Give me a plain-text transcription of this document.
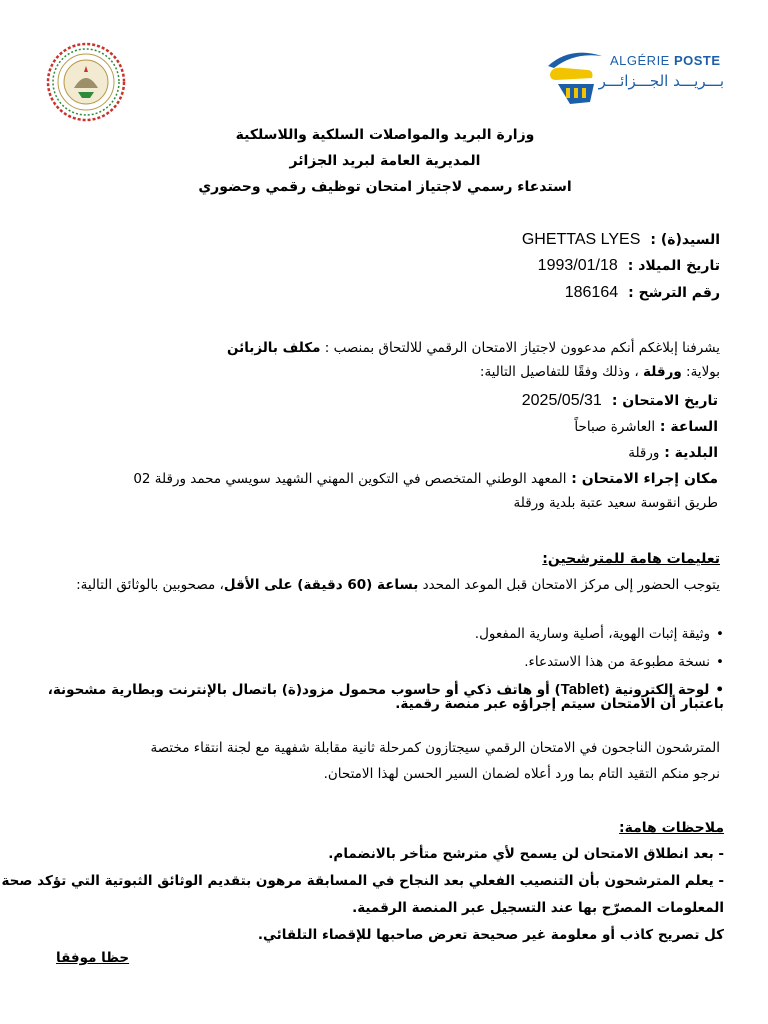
ALGÉRIE POSTE
بـــريـــد الجـــزائـــر
وزارة البريد والمواصلات السلكية واللاسلكية
المديرية العامة لبريد الجزائر
استدعاء رسمي لاجتياز امتحان توظيف رقمي وحضوري
السيد(ة) :GHETTAS LYES
تاريخ الميلاد :1993/01/18
رقم الترشح :186164
يشرفنا إبلاغكم أنكم مدعوون لاجتياز الامتحان الرقمي للالتحاق بمنصب : مكلف بالزبائن
بولاية: ورقلة ، وذلك وفقًا للتفاصيل التالية:
تاريخ الامتحان :2025/05/31
الساعة : العاشرة صباحاً
البلدية : ورقلة
مكان إجراء الامتحان : المعهد الوطني المتخصص في التكوين المهني الشهيد سويسي محمد ورقلة 02
طريق انقوسة سعيد عتبة بلدية ورقلة
تعليمات هامة للمترشحين:
يتوجب الحضور إلى مركز الامتحان قبل الموعد المحدد بساعة (60 دقيقة) على الأقل، مصحوبين بالوثائق التالية:
• وثيقة إثبات الهوية، أصلية وسارية المفعول.
• نسخة مطبوعة من هذا الاستدعاء.
• لوحة إلكترونية (Tablet) أو هاتف ذكي أو حاسوب محمول مزود(ة) باتصال بالإنترنت وبطارية مشحونة،
باعتبار أن الامتحان سيتم إجراؤه عبر منصة رقمية.
المترشحون الناجحون في الامتحان الرقمي سيجتازون كمرحلة ثانية مقابلة شفهية مع لجنة انتقاء مختصة
نرجو منكم التقيد التام بما ورد أعلاه لضمان السير الحسن لهذا الامتحان.
ملاحظات هامة:
- بعد انطلاق الامتحان لن يسمح لأي مترشح متأخر بالانضمام.
- يعلم المترشحون بأن التنصيب الفعلي بعد النجاح في المسابقة مرهون بتقديم الوثائق الثبوتية التي تؤكد صحة
المعلومات المصرّح بها عند التسجيل عبر المنصة الرقمية.
كل تصريح كاذب أو معلومة غير صحيحة تعرض صاحبها للإقصاء التلقائي.
حظا موفقا
